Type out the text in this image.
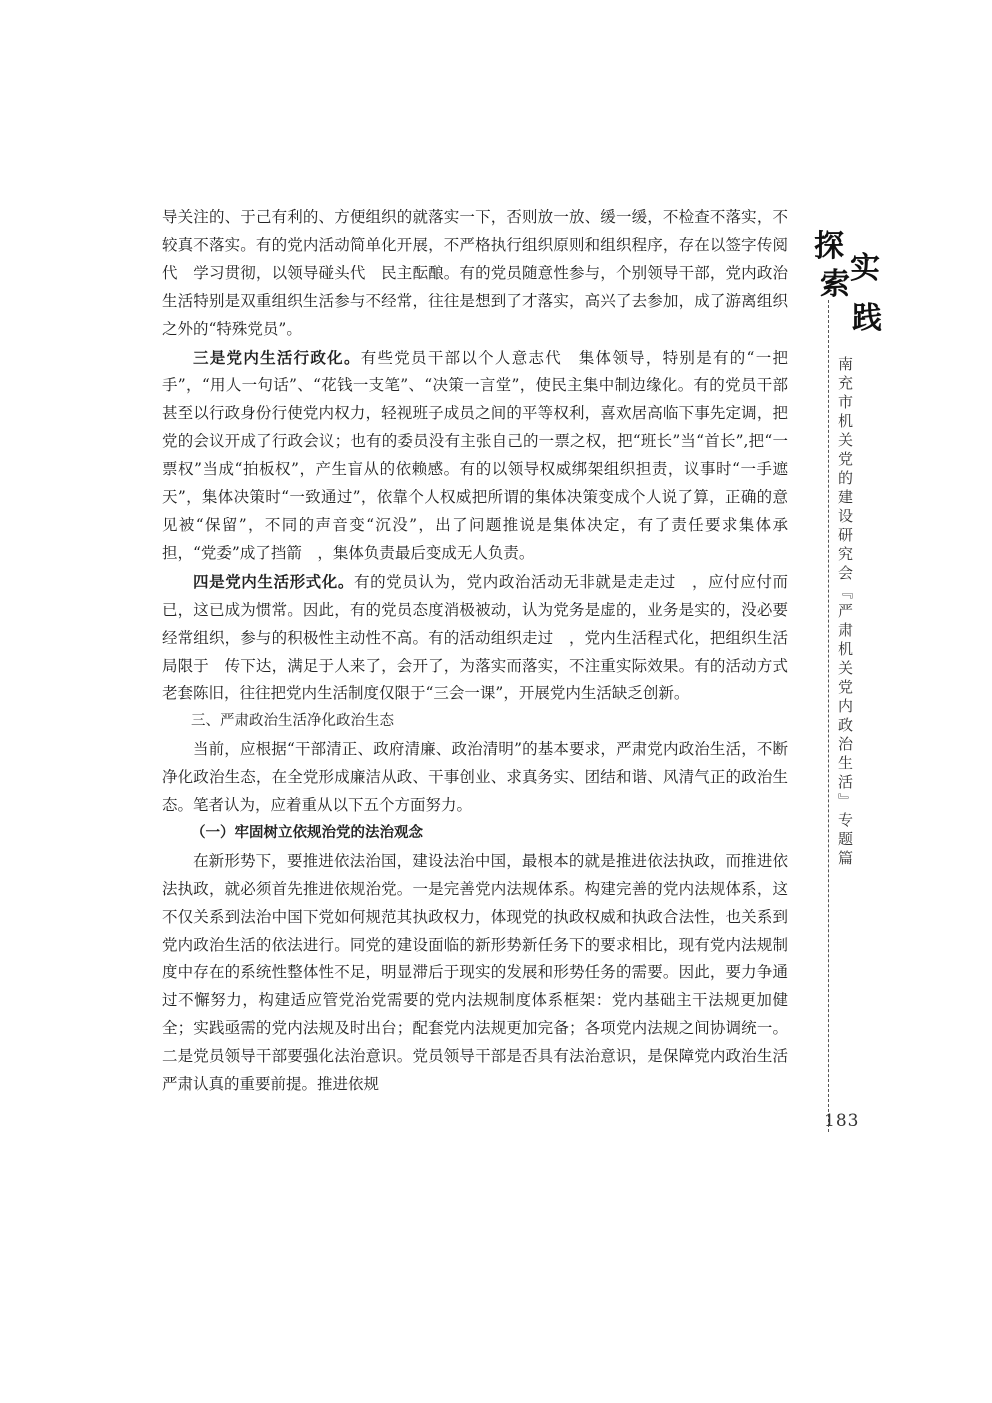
导关注的、于己有利的、方便组织的就落实一下，否则放一放、缓一缓，不检查不落实，不较真不落实。有的党内活动简单化开展，不严格执行组织原则和组织程序，存在以签字传阅代　学习贯彻，以领导碰头代　民主酝酿。有的党员随意性参与，个别领导干部，党内政治生活特别是双重组织生活参与不经常，往往是想到了才落实，高兴了去参加，成了游离组织之外的“特殊党员”。

三是党内生活行政化。有些党员干部以个人意志代　集体领导，特别是有的“一把手”，“用人一句话”、“花钱一支笔”、“决策一言堂”，使民主集中制边缘化。有的党员干部甚至以行政身份行使党内权力，轻视班子成员之间的平等权利，喜欢居高临下事先定调，把党的会议开成了行政会议；也有的委员没有主张自己的一票之权，把“班长”当“首长”,把“一票权”当成“拍板权”，产生盲从的依赖感。有的以领导权威绑架组织担责，议事时“一手遮天”，集体决策时“一致通过”，依靠个人权威把所谓的集体决策变成个人说了算，正确的意见被“保留”，不同的声音变“沉没”，出了问题推说是集体决定，有了责任要求集体承担，“党委”成了挡箭　，集体负责最后变成无人负责。

四是党内生活形式化。有的党员认为，党内政治活动无非就是走走过　，应付应付而已，这已成为惯常。因此，有的党员态度消极被动，认为党务是虚的，业务是实的，没必要经常组织，参与的积极性主动性不高。有的活动组织走过　，党内生活程式化，把组织生活局限于　传下达，满足于人来了，会开了，为落实而落实，不注重实际效果。有的活动方式老套陈旧，往往把党内生活制度仅限于“三会一课”，开展党内生活缺乏创新。

三、严肃政治生活净化政治生态

当前，应根据“干部清正、政府清廉、政治清明”的基本要求，严肃党内政治生活，不断净化政治生态，在全党形成廉洁从政、干事创业、求真务实、团结和谐、风清气正的政治生态。笔者认为，应着重从以下五个方面努力。

（一）牢固树立依规治党的法治观念

在新形势下，要推进依法治国，建设法治中国，最根本的就是推进依法执政，而推进依法执政，就必须首先推进依规治党。一是完善党内法规体系。构建完善的党内法规体系，这不仅关系到法治中国下党如何规范其执政权力，体现党的执政权威和执政合法性，也关系到党内政治生活的依法进行。同党的建设面临的新形势新任务下的要求相比，现有党内法规制度中存在的系统性整体性不足，明显滞后于现实的发展和形势任务的需要。因此，要力争通过不懈努力，构建适应管党治党需要的党内法规制度体系框架：党内基础主干法规更加健全；实践亟需的党内法规及时出台；配套党内法规更加完备；各项党内法规之间协调统一。二是党员领导干部要强化法治意识。党员领导干部是否具有法治意识，是保障党内政治生活严肃认真的重要前提。推进依规

探
实
索
践
南充市机关党的建设研究会『严肃机关党内政治生活』专题篇
183
